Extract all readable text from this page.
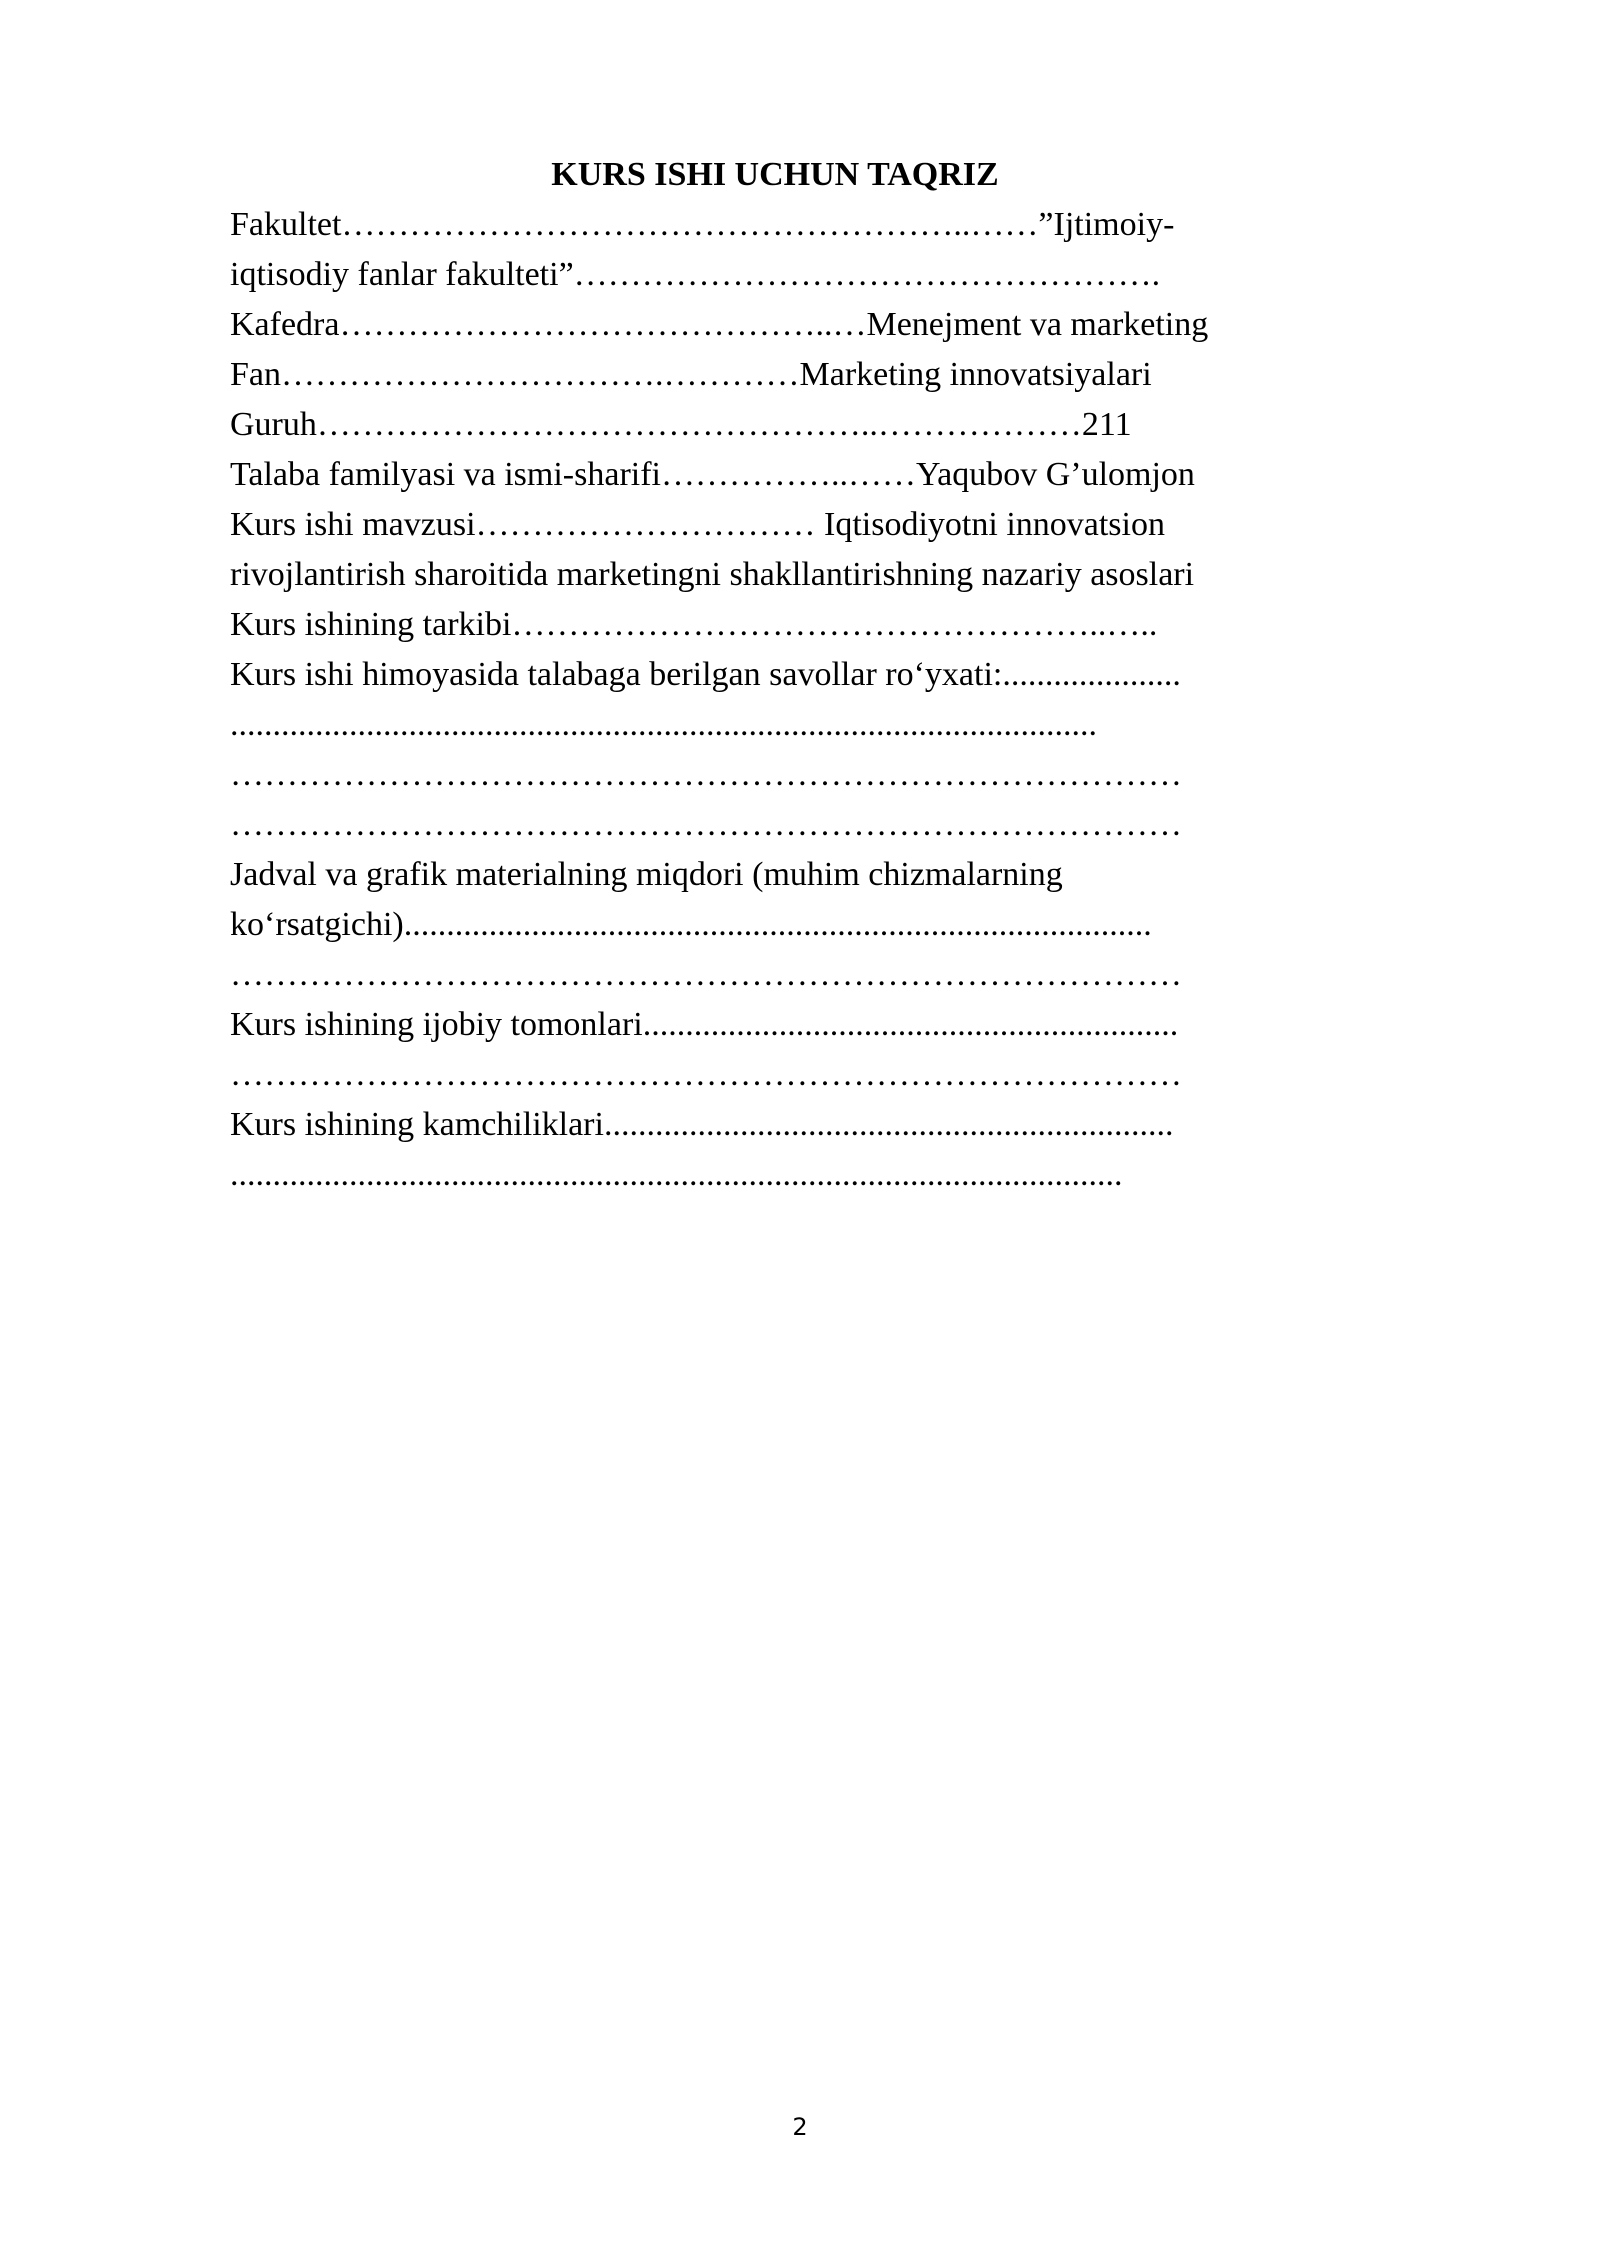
KURS ISHI UCHUN TAQRIZ
Fakultet………………………………………………..……”Ijtimoiy-
iqtisodiy fanlar fakulteti”…………………………………………….
Kafedra……………………………………..…Menejment va marketing
Fan…………………………….…………Marketing innovatsiyalari
Guruh…………………………………………..………………211
Talaba familyasi va ismi-sharifi……………..……Yaqubov G’ulomjon
Kurs ishi mavzusi………………………… Iqtisodiyotni innovatsion
rivojlantirish sharoitida marketingni shakllantirishning nazariy asoslari
Kurs ishining tarkibi……………………………………………..…..
Kurs ishi himoyasida talabaga berilgan savollar ro‘yxati:.....................
......................................................................................................
…………………………………………………………………………
…………………………………………………………………………
Jadval va grafik materialning miqdori (muhim chizmalarning
ko‘rsatgichi)........................................................................................
…………………………………………………………………………
Kurs ishining ijobiy tomonlari...............................................................
…………………………………………………………………………
Kurs ishining kamchiliklari...................................................................
.........................................................................................................
2
